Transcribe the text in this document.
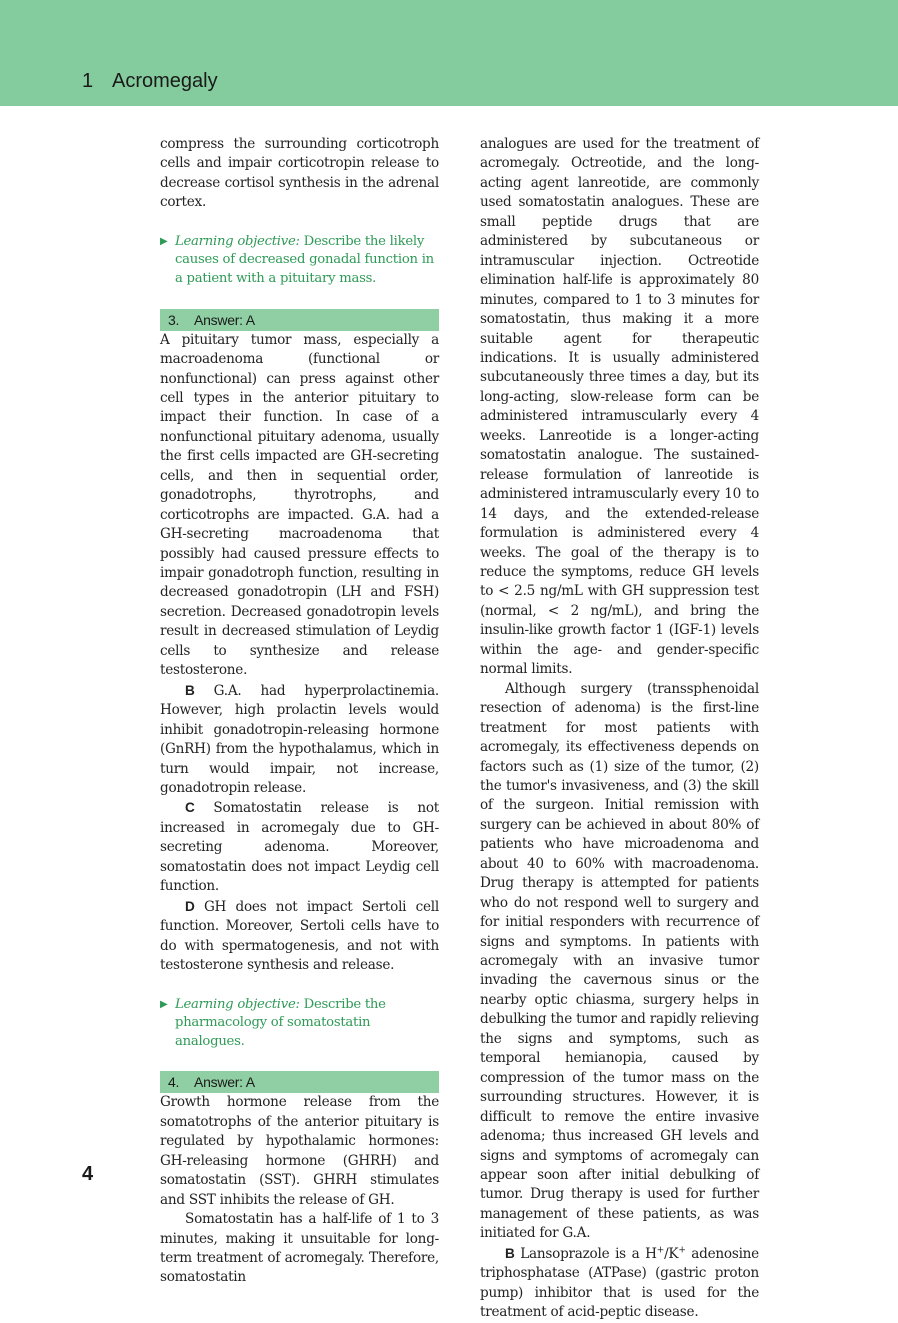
1 Acromegaly

compress the surrounding corticotroph cells and impair corticotropin release to decrease cortisol synthesis in the adrenal cortex.

▶ Learning objective: Describe the likely causes of decreased gonadal function in a patient with a pituitary mass.
3. Answer: A

A pituitary tumor mass, especially a macroadenoma (functional or nonfunctional) can press against other cell types in the anterior pituitary to impact their function. In case of a nonfunctional pituitary adenoma, usually the first cells impacted are GH-secreting cells, and then in sequential order, gonadotrophs, thyrotrophs, and corticotrophs are impacted. G.A. had a GH-secreting macroadenoma that possibly had caused pressure effects to impair gonadotroph function, resulting in decreased gonadotropin (LH and FSH) secretion. Decreased gonadotropin levels result in decreased stimulation of Leydig cells to synthesize and release testosterone.

B G.A. had hyperprolactinemia. However, high prolactin levels would inhibit gonadotropin-releasing hormone (GnRH) from the hypothalamus, which in turn would impair, not increase, gonadotropin release.

C Somatostatin release is not increased in acromegaly due to GH-secreting adenoma. Moreover, somatostatin does not impact Leydig cell function.

D GH does not impact Sertoli cell function. Moreover, Sertoli cells have to do with spermatogenesis, and not with testosterone synthesis and release.

▶ Learning objective: Describe the pharmacology of somatostatin analogues.
4. Answer: A

Growth hormone release from the somatotrophs of the anterior pituitary is regulated by hypothalamic hormones: GH-releasing hormone (GHRH) and somatostatin (SST). GHRH stimulates and SST inhibits the release of GH.

Somatostatin has a half-life of 1 to 3 minutes, making it unsuitable for long-term treatment of acromegaly. Therefore, somatostatin

analogues are used for the treatment of acromegaly. Octreotide, and the long-acting agent lanreotide, are commonly used somatostatin analogues. These are small peptide drugs that are administered by subcutaneous or intramuscular injection. Octreotide elimination half-life is approximately 80 minutes, compared to 1 to 3 minutes for somatostatin, thus making it a more suitable agent for therapeutic indications. It is usually administered subcutaneously three times a day, but its long-acting, slow-release form can be administered intramuscularly every 4 weeks. Lanreotide is a longer-acting somatostatin analogue. The sustained-release formulation of lanreotide is administered intramuscularly every 10 to 14 days, and the extended-release formulation is administered every 4 weeks. The goal of the therapy is to reduce the symptoms, reduce GH levels to < 2.5 ng/mL with GH suppression test (normal, < 2 ng/mL), and bring the insulin-like growth factor 1 (IGF-1) levels within the age- and gender-specific normal limits.

Although surgery (transsphenoidal resection of adenoma) is the first-line treatment for most patients with acromegaly, its effectiveness depends on factors such as (1) size of the tumor, (2) the tumor's invasiveness, and (3) the skill of the surgeon. Initial remission with surgery can be achieved in about 80% of patients who have microadenoma and about 40 to 60% with macroadenoma. Drug therapy is attempted for patients who do not respond well to surgery and for initial responders with recurrence of signs and symptoms. In patients with acromegaly with an invasive tumor invading the cavernous sinus or the nearby optic chiasma, surgery helps in debulking the tumor and rapidly relieving the signs and symptoms, such as temporal hemianopia, caused by compression of the tumor mass on the surrounding structures. However, it is difficult to remove the entire invasive adenoma; thus increased GH levels and signs and symptoms of acromegaly can appear soon after initial debulking of tumor. Drug therapy is used for further management of these patients, as was initiated for G.A.

B Lansoprazole is a H+/K+ adenosine triphosphatase (ATPase) (gastric proton pump) inhibitor that is used for the treatment of acid-peptic disease.

4
